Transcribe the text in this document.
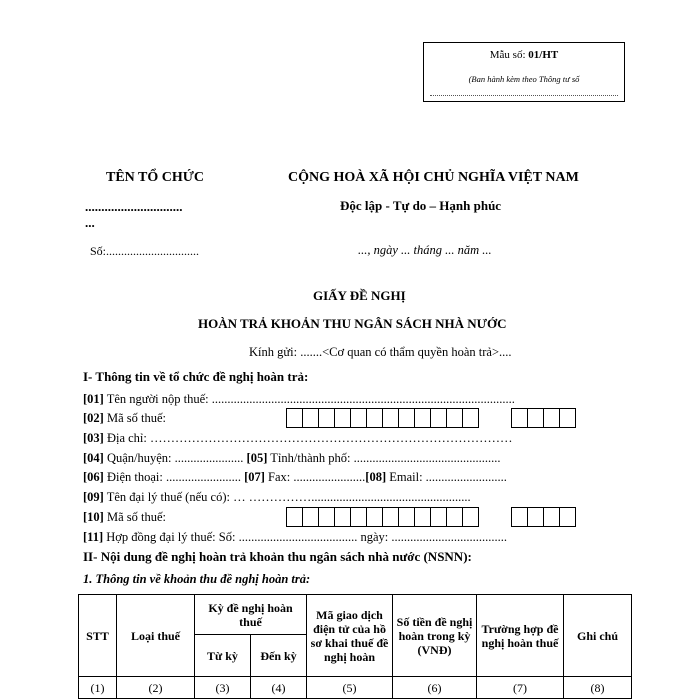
Mẫu số: 01/HT
(Ban hành kèm theo Thông tư số
TÊN TỔ CHỨC
..............................
...
Số:...............................
CỘNG HOÀ XÃ HỘI CHỦ NGHĨA VIỆT NAM
Độc lập - Tự do – Hạnh phúc
..., ngày ... tháng ... năm ...
GIẤY ĐỀ NGHỊ
HOÀN TRẢ KHOẢN THU NGÂN SÁCH NHÀ NƯỚC
Kính gửi: .......<Cơ quan có thẩm quyền hoàn trả>....
I- Thông tin về tổ chức đề nghị hoàn trả:
[01] Tên người nộp thuế: .................................................................................................
[02] Mã số thuế:
[03] Địa chỉ: ……………………………………………………………………………
[04] Quận/huyện: ...................... [05] Tỉnh/thành phố: ...............................................
[06] Điện thoại: ........................ [07] Fax: .......................[08] Email: ..........................
[09] Tên đại lý thuế (nếu có): … ……………...................................................
[10] Mã số thuế:
[11] Hợp đồng đại lý thuế: Số: ...................................... ngày: .....................................
II- Nội dung đề nghị hoàn trả khoản thu ngân sách nhà nước (NSNN):
1. Thông tin về khoản thu đề nghị hoàn trả:
STT	Loại thuế	Kỳ đề nghị hoàn thuế		Mã giao dịch điện tử của hồ sơ khai thuế đề nghị hoàn	Số tiền đề nghị hoàn trong kỳ (VNĐ)	Trường hợp đề nghị hoàn thuế	Ghi chú
		Từ kỳ	Đến kỳ				
(1)	(2)	(3)	(4)	(5)	(6)	(7)	(8)
